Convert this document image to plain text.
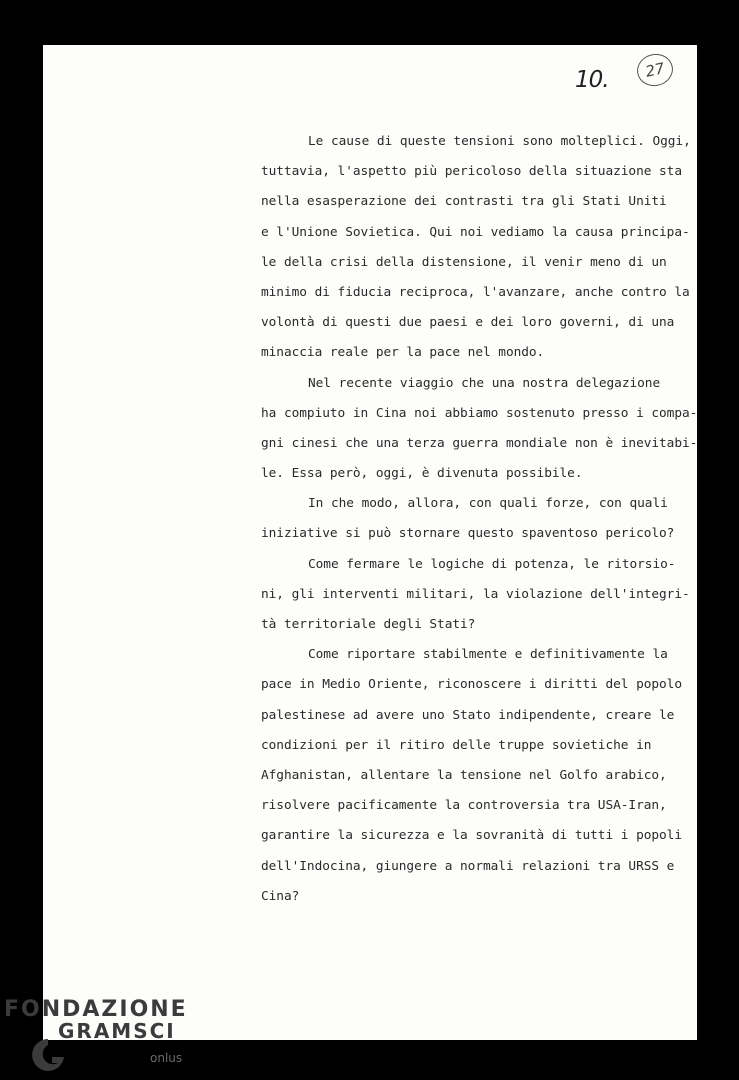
10.	27
Le cause di queste tensioni sono molteplici. Oggi,
tuttavia, l'aspetto più pericoloso della situazione sta
nella esasperazione dei contrasti tra gli Stati Uniti
e l'Unione Sovietica. Qui noi vediamo la causa principa-
le della crisi della distensione, il venir meno di un
minimo di fiducia reciproca, l'avanzare, anche contro la
volontà di questi due paesi e dei loro governi, di una
minaccia reale per la pace nel mondo.
Nel recente viaggio che una nostra delegazione
ha compiuto in Cina noi abbiamo sostenuto presso i compa-
gni cinesi che una terza guerra mondiale non è inevitabi-
le. Essa però, oggi, è divenuta possibile.
In che modo, allora, con quali forze, con quali
iniziative si può stornare questo spaventoso pericolo?
Come fermare le logiche di potenza, le ritorsio-
ni, gli interventi militari, la violazione dell'integri-
tà territoriale degli Stati?
Come riportare stabilmente e definitivamente la
pace in Medio Oriente, riconoscere i diritti del popolo
palestinese ad avere uno Stato indipendente, creare le
condizioni per il ritiro delle truppe sovietiche in
Afghanistan, allentare la tensione nel Golfo arabico,
risolvere pacificamente la controversia tra USA-Iran,
garantire la sicurezza e la sovranità di tutti i popoli
dell'Indocina, giungere a normali relazioni tra URSS e
Cina?
FONDAZIONE
GRAMSCI
onlus
